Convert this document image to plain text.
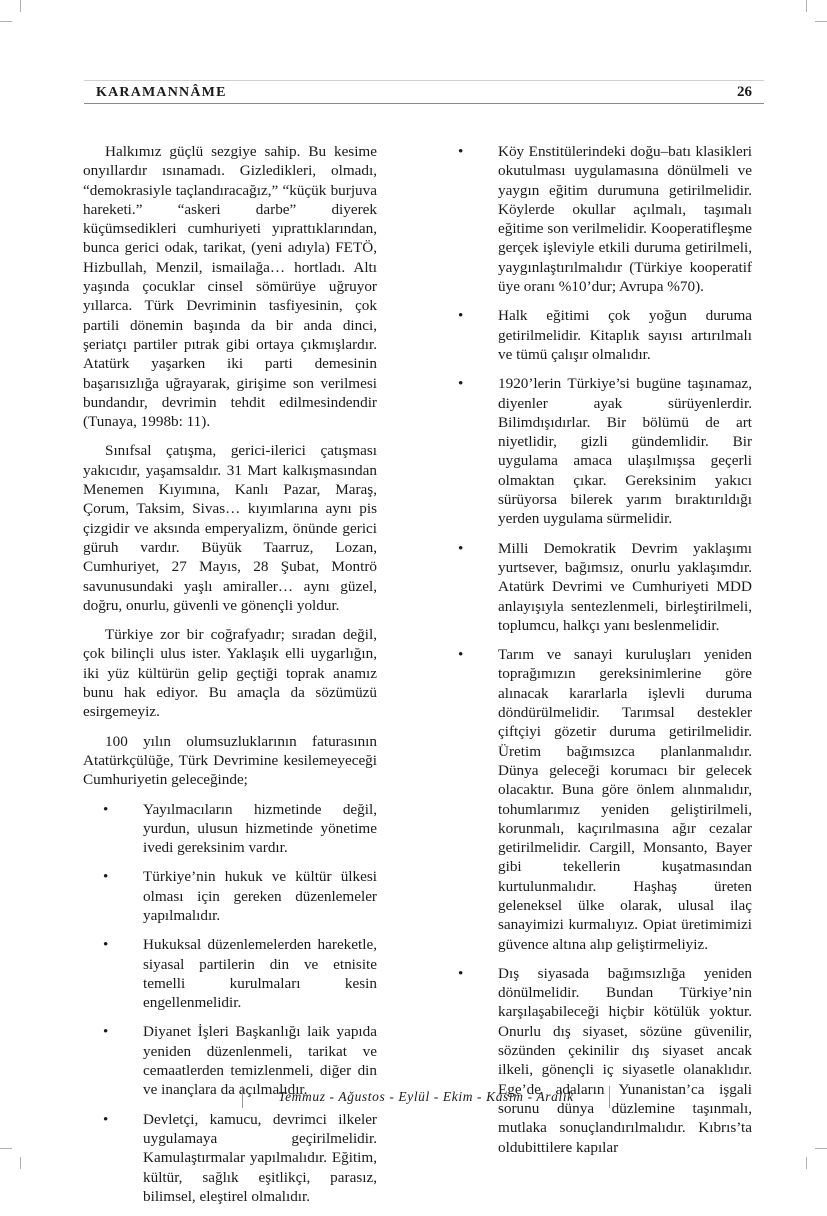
KARAMANNÂME	26

Halkımız güçlü sezgiye sahip. Bu kesime onyıllardır ısınamadı. Gizledikleri, olmadı, “demokrasiyle taçlandıracağız,” “küçük burjuva hareketi.” “askeri darbe” diyerek küçümsedikleri cumhuriyeti yıprattıklarından, bunca gerici odak, tarikat, (yeni adıyla) FETÖ, Hizbullah, Menzil, ismailağa… hortladı. Altı yaşında çocuklar cinsel sömürüye uğruyor yıllarca. Türk Devriminin tasfiyesinin, çok partili dönemin başında da bir anda dinci, şeriatçı partiler pıtrak gibi ortaya çıkmışlardır. Atatürk yaşarken iki parti demesinin başarısızlığa uğrayarak, girişime son verilmesi bundandır, devrimin tehdit edilmesindendir (Tunaya, 1998b: 11).

Sınıfsal çatışma, gerici-ilerici çatışması yakıcıdır, yaşamsaldır. 31 Mart kalkışmasından Menemen Kıyımına, Kanlı Pazar, Maraş, Çorum, Taksim, Sivas… kıyımlarına aynı pis çizgidir ve aksında emperyalizm, önünde gerici güruh vardır. Büyük Taarruz, Lozan, Cumhuriyet, 27 Mayıs, 28 Şubat, Montrö savunusundaki yaşlı amiraller… aynı güzel, doğru, onurlu, güvenli ve gönençli yoldur.

Türkiye zor bir coğrafyadır; sıradan değil, çok bilinçli ulus ister. Yaklaşık elli uygarlığın, iki yüz kültürün gelip geçtiği toprak anamız bunu hak ediyor. Bu amaçla da sözümüzü esirgemeyiz.

100 yılın olumsuzluklarının faturasının Atatürkçülüğe, Türk Devrimine kesilemeyeceği Cumhuriyetin geleceğinde;

•	Yayılmacıların hizmetinde değil, yurdun, ulusun hizmetinde yönetime ivedi gereksinim vardır.
•	Türkiye’nin hukuk ve kültür ülkesi olması için gereken düzenlemeler yapılmalıdır.
•	Hukuksal düzenlemelerden hareketle, siyasal partilerin din ve etnisite temelli kurulmaları kesin engellenmelidir.
•	Diyanet İşleri Başkanlığı laik yapıda yeniden düzenlenmeli, tarikat ve cemaatlerden temizlenmeli, diğer din ve inançlara da açılmalıdır.
•	Devletçi, kamucu, devrimci ilkeler uygulamaya geçirilmelidir. Kamulaştırmalar yapılmalıdır. Eğitim, kültür, sağlık eşitlikçi, parasız, bilimsel, eleştirel olmalıdır.
•	Köy Enstitülerindeki doğu–batı klasikleri okutulması uygulamasına dönülmeli ve yaygın eğitim durumuna getirilmelidir. Köylerde okullar açılmalı, taşımalı eğitime son verilmelidir. Kooperatifleşme gerçek işleviyle etkili duruma getirilmeli, yaygınlaştırılmalıdır (Türkiye kooperatif üye oranı %10’dur; Avrupa %70).
•	Halk eğitimi çok yoğun duruma getirilmelidir. Kitaplık sayısı artırılmalı ve tümü çalışır olmalıdır.
•	1920’lerin Türkiye’si bugüne taşınamaz, diyenler ayak sürüyenlerdir. Bilimdışıdırlar. Bir bölümü de art niyetlidir, gizli gündemlidir. Bir uygulama amaca ulaşılmışsa geçerli olmaktan çıkar. Gereksinim yakıcı sürüyorsa bilerek yarım bıraktırıldığı yerden uygulama sürmelidir.
•	Milli Demokratik Devrim yaklaşımı yurtsever, bağımsız, onurlu yaklaşımdır. Atatürk Devrimi ve Cumhuriyeti MDD anlayışıyla sentezlenmeli, birleştirilmeli, toplumcu, halkçı yanı beslenmelidir.
•	Tarım ve sanayi kuruluşları yeniden toprağımızın gereksinimlerine göre alınacak kararlarla işlevli duruma döndürülmelidir. Tarımsal destekler çiftçiyi gözetir duruma getirilmelidir. Üretim bağımsızca planlanmalıdır. Dünya geleceği korumacı bir gelecek olacaktır. Buna göre önlem alınmalıdır, tohumlarımız yeniden geliştirilmeli, korunmalı, kaçırılmasına ağır cezalar getirilmelidir. Cargill, Monsanto, Bayer gibi tekellerin kuşatmasından kurtulunmalıdır. Haşhaş üreten geleneksel ülke olarak, ulusal ilaç sanayimizi kurmalıyız. Opiat üretimimizi güvence altına alıp geliştirmeliyiz.
•	Dış siyasada bağımsızlığa yeniden dönülmelidir. Bundan Türkiye’nin karşılaşabileceği hiçbir kötülük yoktur. Onurlu dış siyaset, sözüne güvenilir, sözünden çekinilir dış siyaset ancak ilkeli, gönençli iç siyasetle olanaklıdır. Ege’de adaların Yunanistan’ca işgali sorunu dünya düzlemine taşınmalı, mutlaka sonuçlandırılmalıdır. Kıbrıs’ta oldubittilere kapılar
Temmuz - Ağustos - Eylül - Ekim - Kasım - Aralık
